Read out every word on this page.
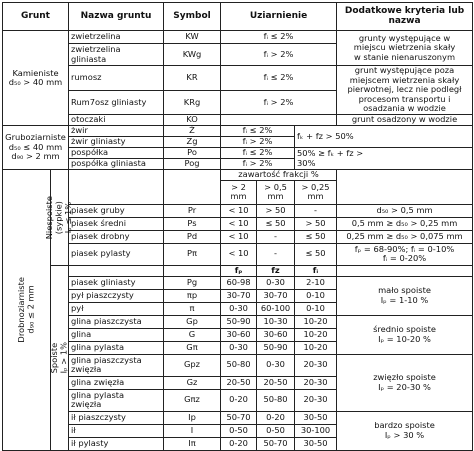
Grunt		Nazwa gruntu	Symbol	Uziarnienie			Dodatkowe kryteria lub nazwa
Kamieniste
d₅₀ > 40 mm		zwietrzelina	KW	fᵢ ≤ 2%			grunty występujące w
miejscu wietrzenia skały
w stanie nienaruszonym
		zwietrzelina
gliniasta	KWg	fᵢ > 2%			
		rumosz	KR	fᵢ ≤ 2%			grunt występujące poza
miejscem wietrzenia skały
pierwotnej, lecz nie podległ
procesom transportu i
osadzania w wodzie
		Rum7osz gliniasty	KRg	fᵢ > 2%			
		otoczaki	KO				grunt osadzony w wodzie
Gruboziarniste
d₅₀ ≤ 40 mm
d₉₀ > 2 mm		żwir	Ż	fᵢ ≤ 2%		fₖ + fz > 50%	
		żwir gliniasty	Zg	fᵢ > 2%			
		pospółka	Po	fᵢ ≤ 2%		50% ≥ fₖ + fz >
30%	
		pospółka gliniasta	Pog	fᵢ > 2%			

Drobnoziarniste
d₉₀ ≤ 2 mm	Niespoiste
(sypkie)
Iₚ ≤ 1%			zawartość frakcji %			
				> 2
mm	> 0,5
mm	> 0,25
mm	
		piasek gruby	Pr	< 10	> 50	-	d₅₀ > 0,5 mm
		piasek średni	Ps	< 10	≤ 50	> 50	0,5 mm ≥ d₅₀ > 0,25 mm
		piasek drobny	Pd	< 10	-	≤ 50	0,25 mm ≥ d₅₀ > 0,075 mm
		piasek pylasty	Pπ	< 10	-	≤ 50	fₚ = 68-90%; fᵢ = 0-10%
fᵢ = 0-20%

	Spoiste
Iₚ > 1%			fₚ	fz	fᵢ	
		piasek gliniasty	Pg	60-98	0-30	2-10	mało spoiste
Iₚ = 1-10 %
		pył piaszczysty	πp	30-70	30-70	0-10	
		pył	π	0-30	60-100	0-10	
		glina piaszczysta	Gp	50-90	10-30	10-20	średnio spoiste
Iₚ = 10-20 %
		glina	G	30-60	30-60	10-20	
		glina pylasta	Gπ	0-30	50-90	10-20	
		glina piaszczysta
zwięzła	Gpz	50-80	0-30	20-30	zwięzło spoiste
Iₚ = 20-30 %
		glina zwięzła	Gz	20-50	20-50	20-30	
		glina pylasta
zwięzła	Gπz	0-20	50-80	20-30	
		ił piaszczysty	Ip	50-70	0-20	30-50	bardzo spoiste
Iₚ > 30 %
		ił	I	0-50	0-50	30-100	
		ił pylasty	Iπ	0-20	50-70	30-50	
